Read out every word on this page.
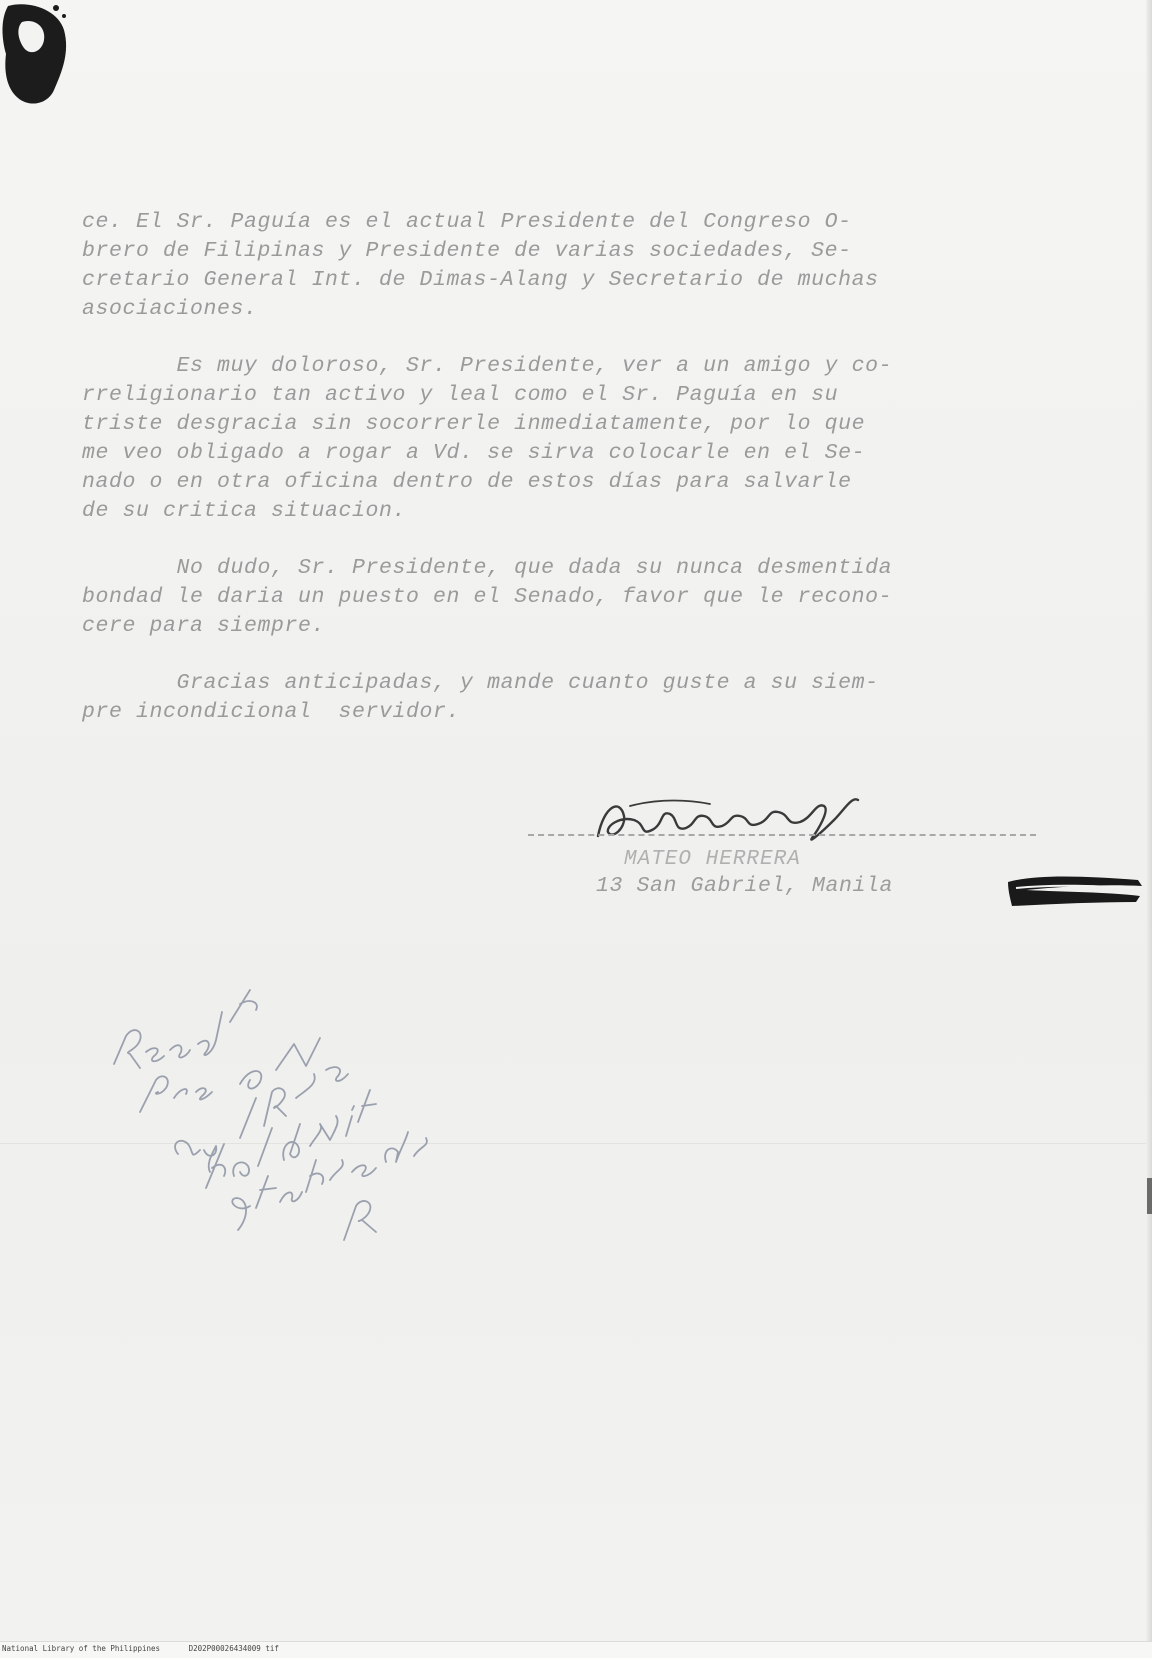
ce. El Sr. Paguía es el actual Presidente del Congreso O-
brero de Filipinas y Presidente de varias sociedades, Se-
cretario General Int. de Dimas-Alang y Secretario de muchas
asociaciones.

Es muy doloroso, Sr. Presidente, ver a un amigo y co-
rreligionario tan activo y leal como el Sr. Paguía en su
triste desgracia sin socorrerle inmediatamente, por lo que
me veo obligado a rogar a Vd. se sirva colocarle en el Se-
nado o en otra oficina dentro de estos días para salvarle
de su critica situacion.

No dudo, Sr. Presidente, que dada su nunca desmentida
bondad le daria un puesto en el Senado, favor que le recono-
cere para siempre.

Gracias anticipadas, y mande cuanto guste a su siem-
pre incondicional  servidor.

MATEO HERRERA
13 San Gabriel, Manila
National Library of the Philippines	D202P00026434009 tif
